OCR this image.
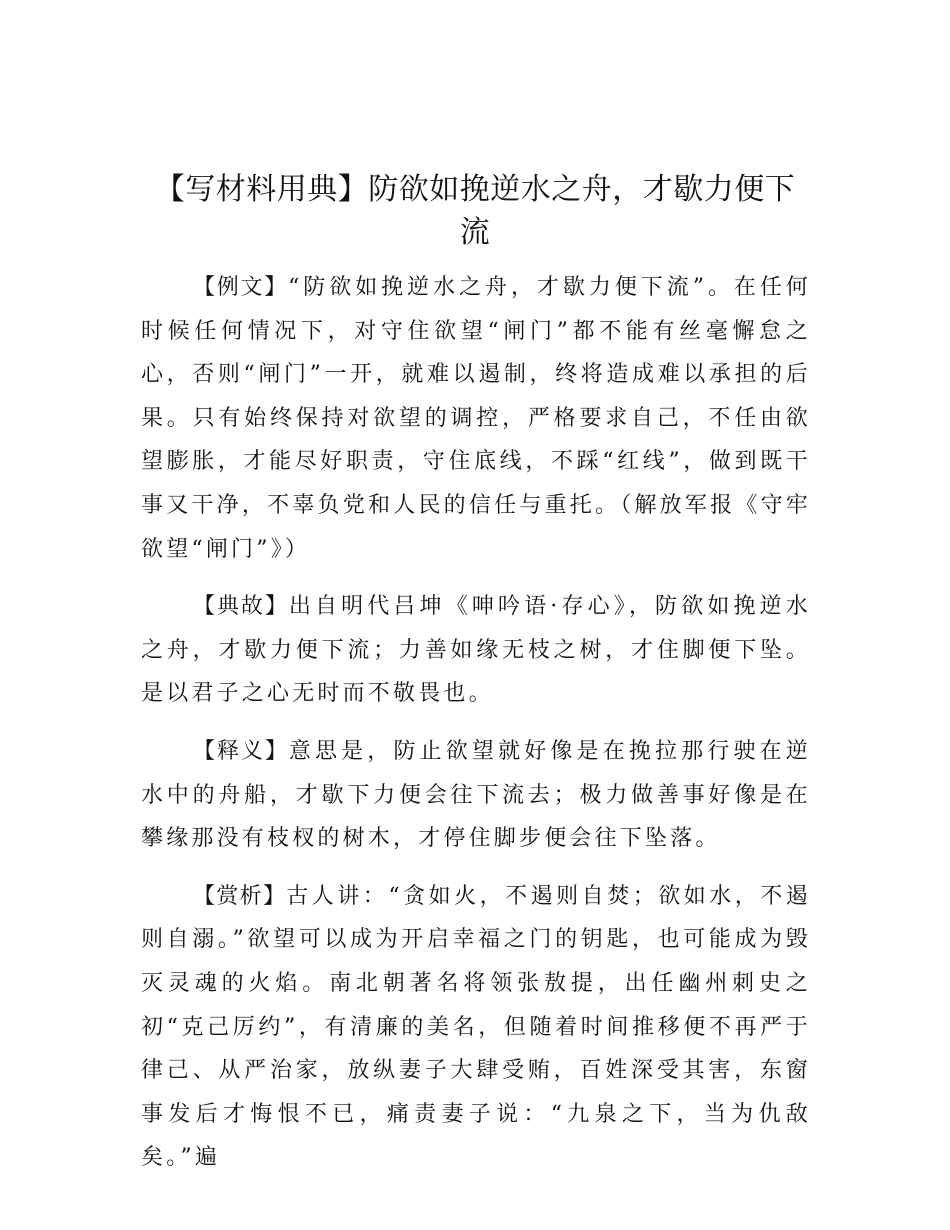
【写材料用典】防欲如挽逆水之舟，才歇力便下流

【例文】“防欲如挽逆水之舟，才歇力便下流”。在任何时候任何情况下，对守住欲望“闸门”都不能有丝毫懈怠之心，否则“闸门”一开，就难以遏制，终将造成难以承担的后果。只有始终保持对欲望的调控，严格要求自己，不任由欲望膨胀，才能尽好职责，守住底线，不踩“红线”，做到既干事又干净，不辜负党和人民的信任与重托。（解放军报《守牢欲望“闸门”》）

【典故】出自明代吕坤《呻吟语·存心》，防欲如挽逆水之舟，才歇力便下流；力善如缘无枝之树，才住脚便下坠。是以君子之心无时而不敬畏也。

【释义】意思是，防止欲望就好像是在挽拉那行驶在逆水中的舟船，才歇下力便会往下流去；极力做善事好像是在攀缘那没有枝杈的树木，才停住脚步便会往下坠落。

【赏析】古人讲：“贪如火，不遏则自焚；欲如水，不遏则自溺。”欲望可以成为开启幸福之门的钥匙，也可能成为毁灭灵魂的火焰。南北朝著名将领张敖提，出任幽州刺史之初“克己厉约”，有清廉的美名，但随着时间推移便不再严于律己、从严治家，放纵妻子大肆受贿，百姓深受其害，东窗事发后才悔恨不已，痛责妻子说：“九泉之下，当为仇敌矣。”遍
